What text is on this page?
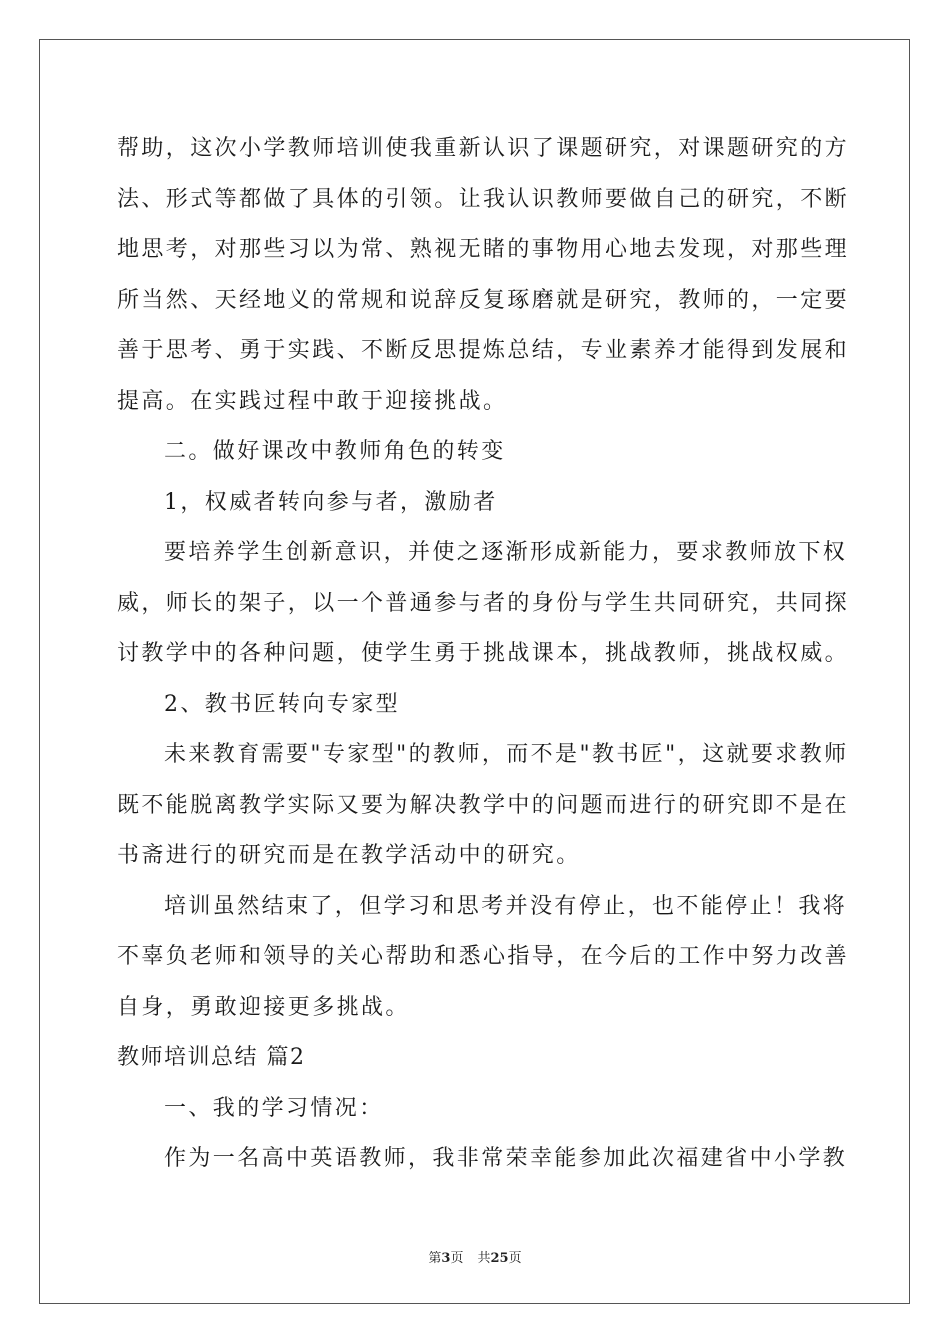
帮助，这次小学教师培训使我重新认识了课题研究，对课题研究的方
法、形式等都做了具体的引领。让我认识教师要做自己的研究，不断
地思考，对那些习以为常、熟视无睹的事物用心地去发现，对那些理
所当然、天经地义的常规和说辞反复琢磨就是研究，教师的，一定要
善于思考、勇于实践、不断反思提炼总结，专业素养才能得到发展和
提高。在实践过程中敢于迎接挑战。
二。做好课改中教师角色的转变
1，权威者转向参与者，激励者
要培养学生创新意识，并使之逐渐形成新能力，要求教师放下权
威，师长的架子，以一个普通参与者的身份与学生共同研究，共同探
讨教学中的各种问题，使学生勇于挑战课本，挑战教师，挑战权威。
2、教书匠转向专家型
未来教育需要"专家型"的教师，而不是"教书匠"，这就要求教师
既不能脱离教学实际又要为解决教学中的问题而进行的研究即不是在
书斋进行的研究而是在教学活动中的研究。
培训虽然结束了，但学习和思考并没有停止，也不能停止！我将
不辜负老师和领导的关心帮助和悉心指导，在今后的工作中努力改善
自身，勇敢迎接更多挑战。
教师培训总结 篇2
一、我的学习情况：
作为一名高中英语教师，我非常荣幸能参加此次福建省中小学教
第3页 共25页
